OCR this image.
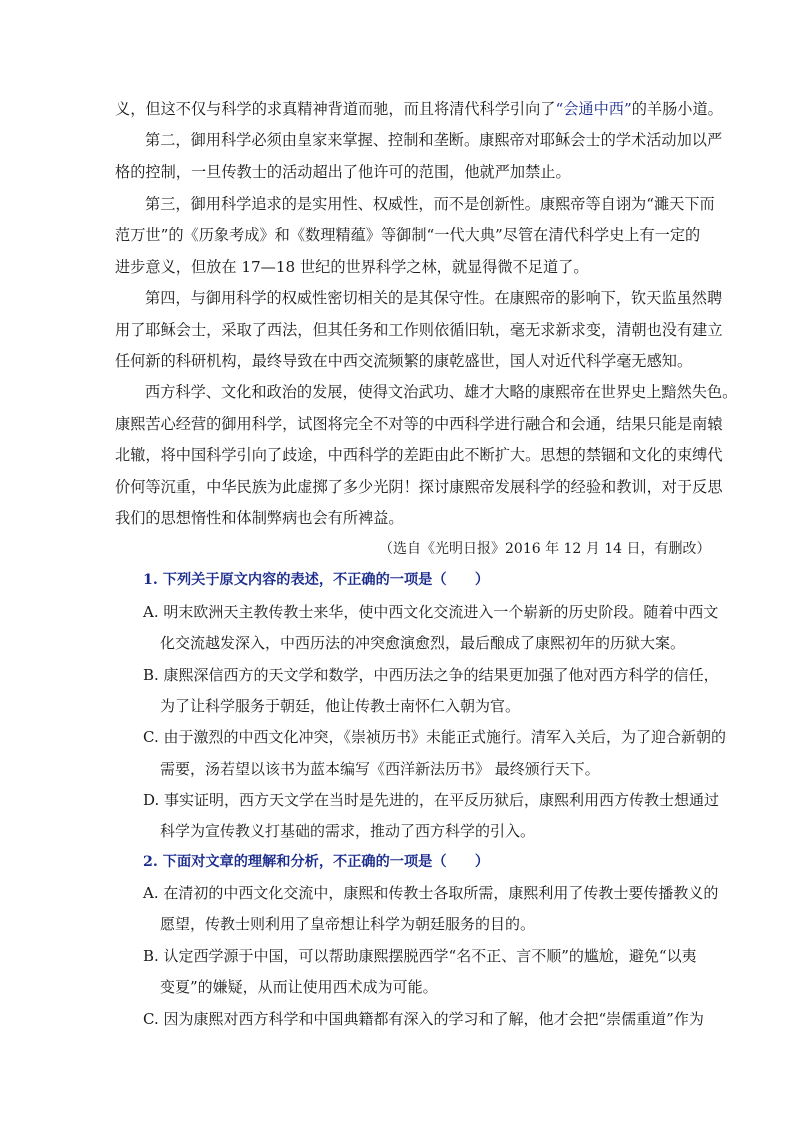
义，但这不仅与科学的求真精神背道而驰，而且将清代科学引向了“会通中西”的羊肠小道。
第二，御用科学必须由皇家来掌握、控制和垄断。康熙帝对耶稣会士的学术活动加以严
格的控制，一旦传教士的活动超出了他许可的范围，他就严加禁止。
第三，御用科学追求的是实用性、权威性，而不是创新性。康熙帝等自诩为“濉天下而
范万世”的《历象考成》和《数理精蕴》等御制“一代大典”尽管在清代科学史上有一定的
进步意义，但放在 17—18 世纪的世界科学之林，就显得微不足道了。
第四，与御用科学的权威性密切相关的是其保守性。在康熙帝的影响下，钦天监虽然聘
用了耶稣会士，采取了西法，但其任务和工作则依循旧轨，毫无求新求变，清朝也没有建立
任何新的科研机构，最终导致在中西交流频繁的康乾盛世，国人对近代科学毫无感知。
西方科学、文化和政治的发展，使得文治武功、雄才大略的康熙帝在世界史上黯然失色。
康熙苦心经营的御用科学，试图将完全不对等的中西科学进行融合和会通，结果只能是南辕
北辙，将中国科学引向了歧途，中西科学的差距由此不断扩大。思想的禁锢和文化的束缚代
价何等沉重，中华民族为此虚掷了多少光阴！探讨康熙帝发展科学的经验和教训，对于反思
我们的思想惰性和体制弊病也会有所裨益。
（选自《光明日报》2016 年 12 月 14 日，有删改）
1. 下列关于原文内容的表述，不正确的一项是（　　）
A. 明末欧洲天主教传教士来华，使中西文化交流进入一个崭新的历史阶段。随着中西文
化交流越发深入，中西历法的冲突愈演愈烈，最后酿成了康熙初年的历狱大案。
B. 康熙深信西方的天文学和数学，中西历法之争的结果更加强了他对西方科学的信任，
为了让科学服务于朝廷，他让传教士南怀仁入朝为官。
C. 由于激烈的中西文化冲突，《崇祯历书》未能正式施行。清军入关后，为了迎合新朝的
需要，汤若望以该书为蓝本编写《西洋新法历书》 最终颁行天下。
D. 事实证明，西方天文学在当时是先进的，在平反历狱后，康熙利用西方传教士想通过
科学为宣传教义打基础的需求，推动了西方科学的引入。
2. 下面对文章的理解和分析，不正确的一项是（　　）
A. 在清初的中西文化交流中，康熙和传教士各取所需，康熙利用了传教士要传播教义的
愿望，传教士则利用了皇帝想让科学为朝廷服务的目的。
B. 认定西学源于中国，可以帮助康熙摆脱西学“名不正、言不顺”的尴尬，避免“以夷
变夏”的嫌疑，从而让使用西术成为可能。
C. 因为康熙对西方科学和中国典籍都有深入的学习和了解，他才会把“崇儒重道”作为
